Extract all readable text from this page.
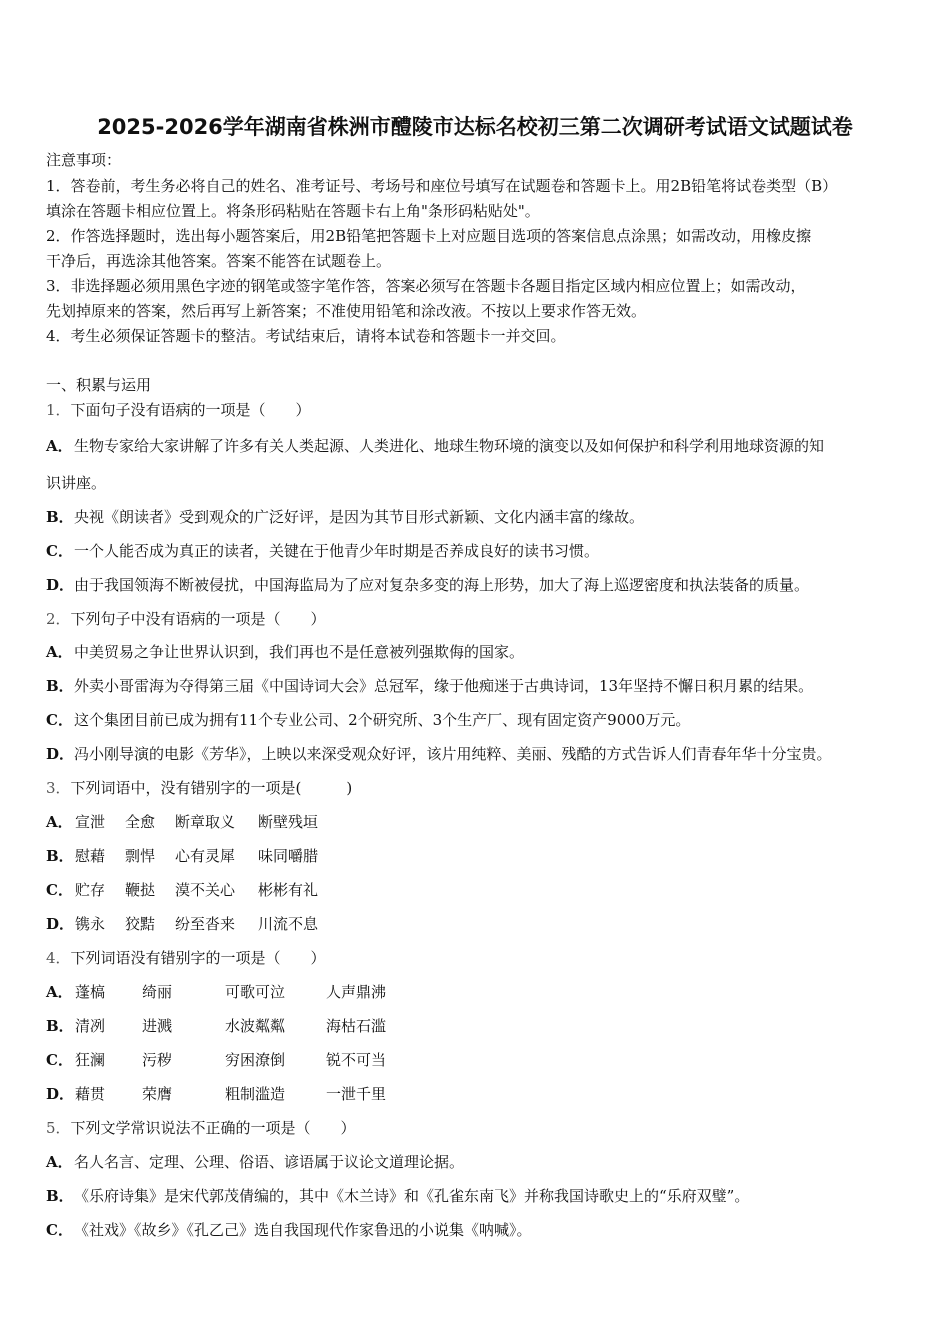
2025-2026学年湖南省株洲市醴陵市达标名校初三第二次调研考试语文试题试卷
注意事项：
1．答卷前，考生务必将自己的姓名、准考证号、考场号和座位号填写在试题卷和答题卡上。用2B铅笔将试卷类型（B）
填涂在答题卡相应位置上。将条形码粘贴在答题卡右上角"条形码粘贴处"。
2．作答选择题时，选出每小题答案后，用2B铅笔把答题卡上对应题目选项的答案信息点涂黑；如需改动，用橡皮擦
干净后，再选涂其他答案。答案不能答在试题卷上。
3．非选择题必须用黑色字迹的钢笔或签字笔作答，答案必须写在答题卡各题目指定区域内相应位置上；如需改动，
先划掉原来的答案，然后再写上新答案；不准使用铅笔和涂改液。不按以上要求作答无效。
4．考生必须保证答题卡的整洁。考试结束后，请将本试卷和答题卡一并交回。
一、积累与运用
1．下面句子没有语病的一项是（　　）
A．生物专家给大家讲解了许多有关人类起源、人类进化、地球生物环境的演变以及如何保护和科学利用地球资源的知
识讲座。
B．央视《朗读者》受到观众的广泛好评，是因为其节目形式新颖、文化内涵丰富的缘故。
C．一个人能否成为真正的读者，关键在于他青少年时期是否养成良好的读书习惯。
D．由于我国领海不断被侵扰，中国海监局为了应对复杂多变的海上形势，加大了海上巡逻密度和执法装备的质量。
2．下列句子中没有语病的一项是（　　）
A．中美贸易之争让世界认识到，我们再也不是任意被列强欺侮的国家。
B．外卖小哥雷海为夺得第三届《中国诗词大会》总冠军，缘于他痴迷于古典诗词，13年坚持不懈日积月累的结果。
C．这个集团目前已成为拥有11个专业公司、2个研究所、3个生产厂、现有固定资产9000万元。
D．冯小刚导演的电影《芳华》，上映以来深受观众好评，该片用纯粹、美丽、残酷的方式告诉人们青春年华十分宝贵。
3．下列词语中，没有错别字的一项是(　　　)
A． 宣泄 全愈 断章取义 断壁残垣
B． 慰藉 剽悍 心有灵犀 味同嚼腊
C． 贮存 鞭挞 漠不关心 彬彬有礼
D． 镌永 狡黠 纷至沓来 川流不息
4．下列词语没有错别字的一项是（　　）
A． 蓬槁 绮丽	可歌可泣	人声鼎沸
B． 清冽 进溅	水波粼粼	海枯石滥
C． 狂澜 污秽	穷困潦倒	锐不可当
D． 藉贯 荣膺	粗制滥造	一泄千里
5．下列文学常识说法不正确的一项是（　　）
A．名人名言、定理、公理、俗语、谚语属于议论文道理论据。
B．《乐府诗集》是宋代郭茂倩编的，其中《木兰诗》和《孔雀东南飞》并称我国诗歌史上的“乐府双璧”。
C．《社戏》《故乡》《孔乙己》选自我国现代作家鲁迅的小说集《呐喊》。
